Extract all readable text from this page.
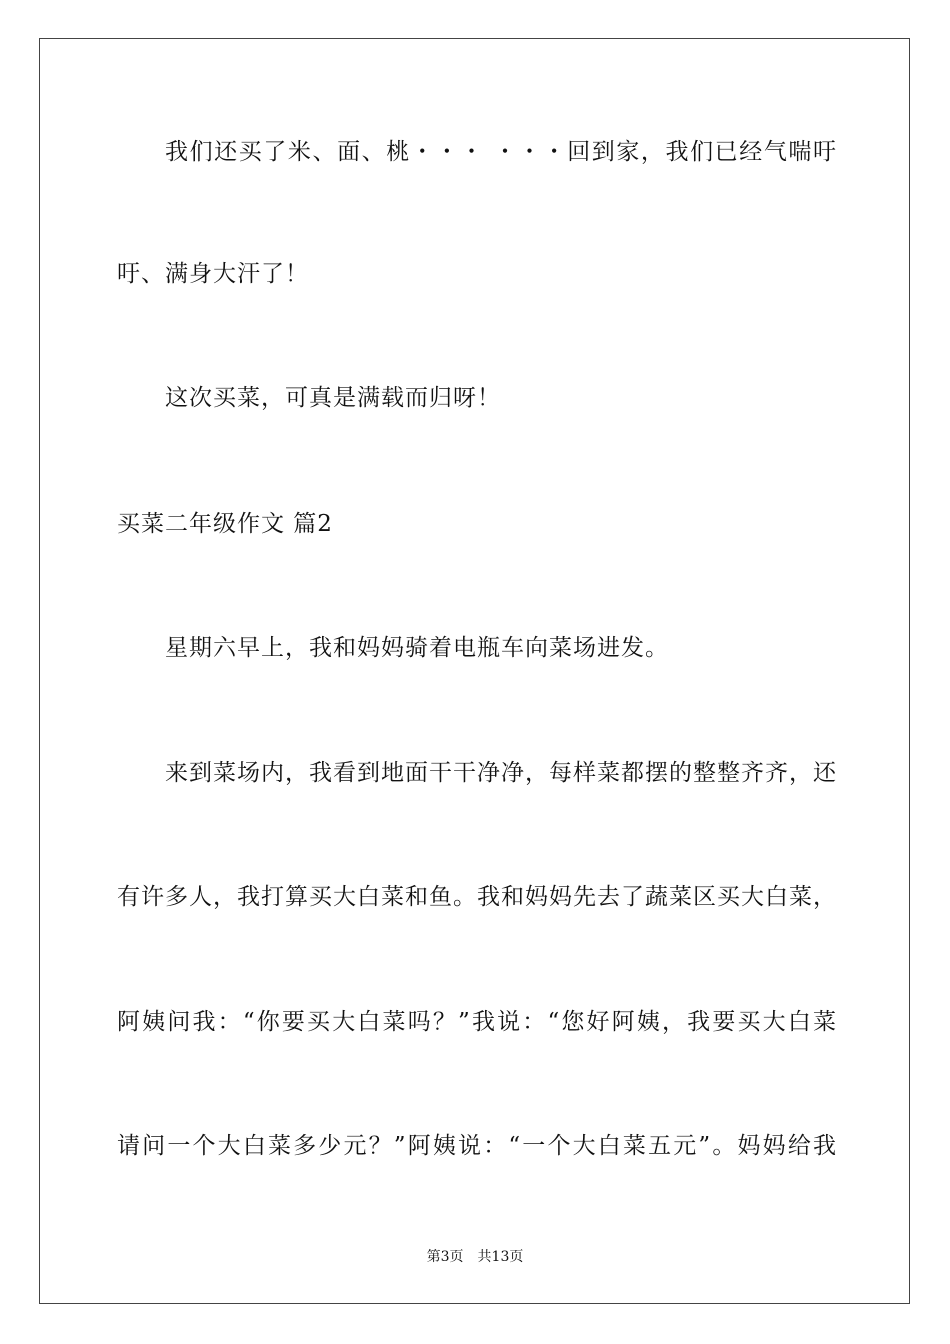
我们还买了米、面、桃・・・ ・・・回到家，我们已经气喘吁
吁、满身大汗了！
这次买菜，可真是满载而归呀！
买菜二年级作文 篇2
星期六早上，我和妈妈骑着电瓶车向菜场进发。
来到菜场内，我看到地面干干净净，每样菜都摆的整整齐齐，还
有许多人，我打算买大白菜和鱼。我和妈妈先去了蔬菜区买大白菜，
阿姨问我：“你要买大白菜吗？”我说：“您好阿姨，我要买大白菜
请问一个大白菜多少元？”阿姨说：“一个大白菜五元”。妈妈给我
第3页　共13页
